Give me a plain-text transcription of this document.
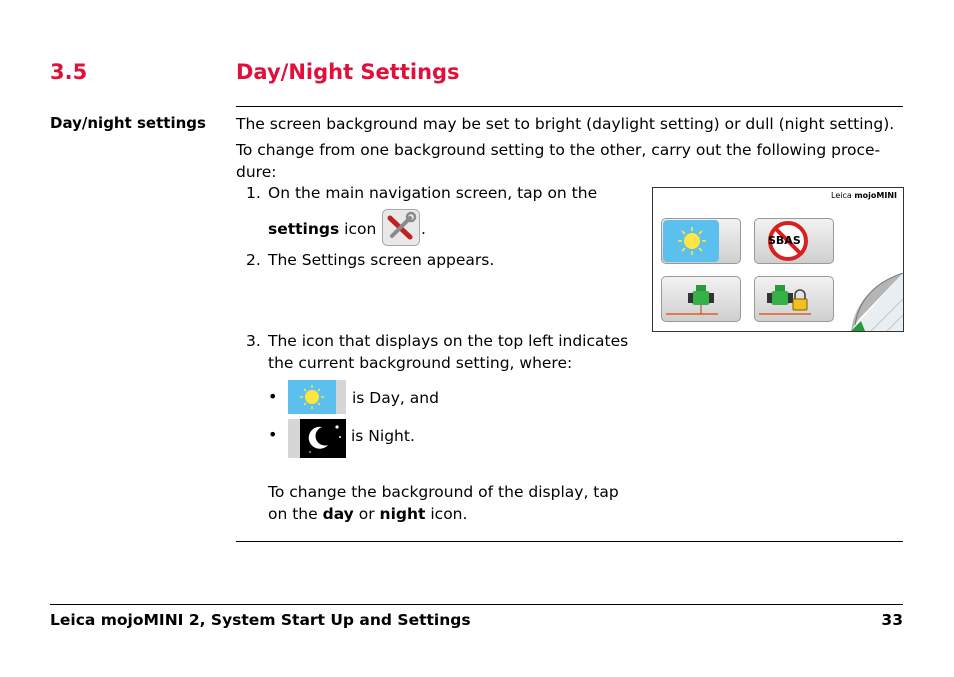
3.5	Day/Night Settings
Day/night settings The screen background may be set to bright (daylight setting) or dull (night setting).
To change from one background setting to the other, carry out the following proce-
dure:
1. On the main navigation screen, tap on the
settings icon	.
2. The Settings screen appears.
Leica mojoMINI
SBAS
3. The icon that displays on the top left indicates
the current background setting, where:
•	is Day, and
•	is Night.
To change the background of the display, tap
on the day or night icon.
Leica mojoMINI 2, System Start Up and Settings	33
